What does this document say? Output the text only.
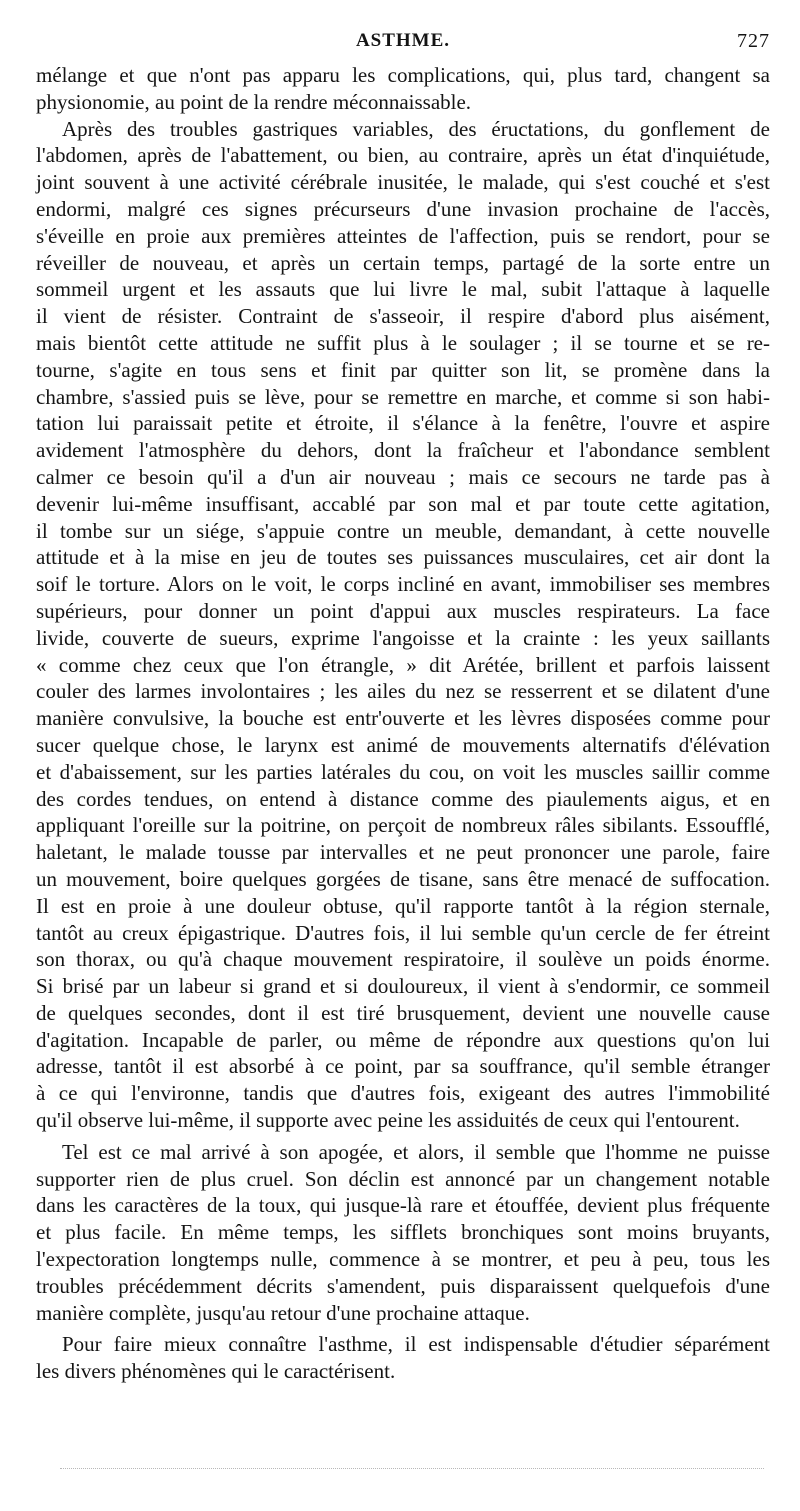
ASTHME.	727

mélange et que n'ont pas apparu les complications, qui, plus tard, changent sa
physionomie, au point de la rendre méconnaissable.

Après des troubles gastriques variables, des éructations, du gonflement de
l'abdomen, après de l'abattement, ou bien, au contraire, après un état d'inquiétude,
joint souvent à une activité cérébrale inusitée, le malade, qui s'est couché et s'est
endormi, malgré ces signes précurseurs d'une invasion prochaine de l'accès,
s'éveille en proie aux premières atteintes de l'affection, puis se rendort, pour se
réveiller de nouveau, et après un certain temps, partagé de la sorte entre un
sommeil urgent et les assauts que lui livre le mal, subit l'attaque à laquelle
il vient de résister. Contraint de s'asseoir, il respire d'abord plus aisément,
mais bientôt cette attitude ne suffit plus à le soulager ; il se tourne et se re-
tourne, s'agite en tous sens et finit par quitter son lit, se promène dans la
chambre, s'assied puis se lève, pour se remettre en marche, et comme si son habi-
tation lui paraissait petite et étroite, il s'élance à la fenêtre, l'ouvre et aspire
avidement l'atmosphère du dehors, dont la fraîcheur et l'abondance semblent
calmer ce besoin qu'il a d'un air nouveau ; mais ce secours ne tarde pas à
devenir lui-même insuffisant, accablé par son mal et par toute cette agitation,
il tombe sur un siége, s'appuie contre un meuble, demandant, à cette nouvelle
attitude et à la mise en jeu de toutes ses puissances musculaires, cet air dont la
soif le torture. Alors on le voit, le corps incliné en avant, immobiliser ses membres
supérieurs, pour donner un point d'appui aux muscles respirateurs. La face
livide, couverte de sueurs, exprime l'angoisse et la crainte : les yeux saillants
« comme chez ceux que l'on étrangle, » dit Arétée, brillent et parfois laissent
couler des larmes involontaires ; les ailes du nez se resserrent et se dilatent d'une
manière convulsive, la bouche est entr'ouverte et les lèvres disposées comme pour
sucer quelque chose, le larynx est animé de mouvements alternatifs d'élévation
et d'abaissement, sur les parties latérales du cou, on voit les muscles saillir comme
des cordes tendues, on entend à distance comme des piaulements aigus, et en
appliquant l'oreille sur la poitrine, on perçoit de nombreux râles sibilants. Essoufflé,
haletant, le malade tousse par intervalles et ne peut prononcer une parole, faire
un mouvement, boire quelques gorgées de tisane, sans être menacé de suffocation.
Il est en proie à une douleur obtuse, qu'il rapporte tantôt à la région sternale,
tantôt au creux épigastrique. D'autres fois, il lui semble qu'un cercle de fer étreint
son thorax, ou qu'à chaque mouvement respiratoire, il soulève un poids énorme.
Si brisé par un labeur si grand et si douloureux, il vient à s'endormir, ce sommeil
de quelques secondes, dont il est tiré brusquement, devient une nouvelle cause
d'agitation. Incapable de parler, ou même de répondre aux questions qu'on lui
adresse, tantôt il est absorbé à ce point, par sa souffrance, qu'il semble étranger
à ce qui l'environne, tandis que d'autres fois, exigeant des autres l'immobilité
qu'il observe lui-même, il supporte avec peine les assiduités de ceux qui l'entourent.

Tel est ce mal arrivé à son apogée, et alors, il semble que l'homme ne puisse
supporter rien de plus cruel. Son déclin est annoncé par un changement notable
dans les caractères de la toux, qui jusque-là rare et étouffée, devient plus fréquente
et plus facile. En même temps, les sifflets bronchiques sont moins bruyants,
l'expectoration longtemps nulle, commence à se montrer, et peu à peu, tous les
troubles précédemment décrits s'amendent, puis disparaissent quelquefois d'une
manière complète, jusqu'au retour d'une prochaine attaque.

Pour faire mieux connaître l'asthme, il est indispensable d'étudier séparément
les divers phénomènes qui le caractérisent.
